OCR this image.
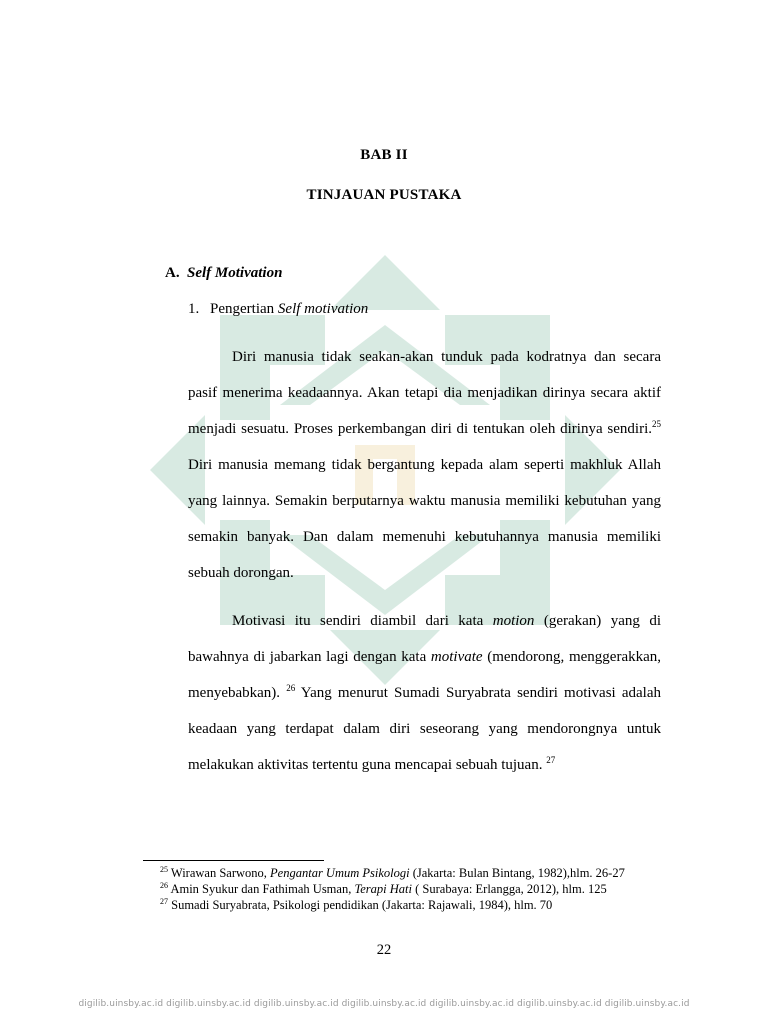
BAB II
TINJAUAN PUSTAKA
A. Self Motivation
1. Pengertian Self motivation

Diri manusia tidak seakan-akan tunduk pada kodratnya dan secara pasif menerima keadaannya. Akan tetapi dia menjadikan dirinya secara aktif menjadi sesuatu. Proses perkembangan diri di tentukan oleh dirinya sendiri.$^{25}$ Diri manusia memang tidak bergantung kepada alam seperti makhluk Allah yang lainnya. Semakin berputarnya waktu manusia memiliki kebutuhan yang semakin banyak. Dan dalam memenuhi kebutuhannya manusia memiliki sebuah dorongan.

Motivasi itu sendiri diambil dari kata motion (gerakan) yang di bawahnya di jabarkan lagi dengan kata motivate (mendorong, menggerakkan, menyebabkan). $^{26}$ Yang menurut Sumadi Suryabrata sendiri motivasi adalah keadaan yang terdapat dalam diri seseorang yang mendorongnya untuk melakukan aktivitas tertentu guna mencapai sebuah tujuan. $^{27}$

$^{25}$ Wirawan Sarwono, Pengantar Umum Psikologi (Jakarta: Bulan Bintang, 1982),hlm. 26-27
$^{26}$ Amin Syukur dan Fathimah Usman, Terapi Hati ( Surabaya: Erlangga, 2012), hlm. 125
$^{27}$ Sumadi Suryabrata, Psikologi pendidikan (Jakarta: Rajawali, 1984), hlm. 70
22
digilib.uinsby.ac.id digilib.uinsby.ac.id digilib.uinsby.ac.id digilib.uinsby.ac.id digilib.uinsby.ac.id digilib.uinsby.ac.id digilib.uinsby.ac.id
